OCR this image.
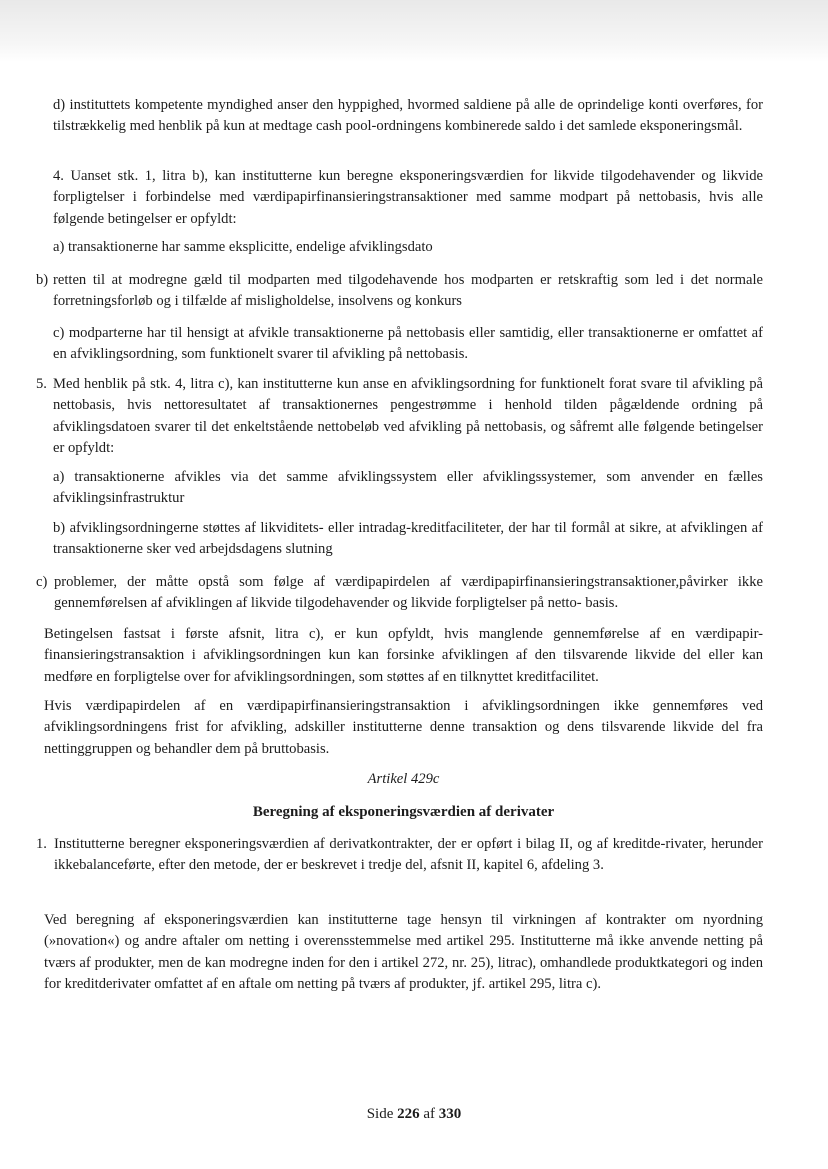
d) instituttets kompetente myndighed anser den hyppighed, hvormed saldiene på alle de oprindelige konti overføres, for tilstrækkelig med henblik på kun at medtage cash pool-ordningens kombinerede saldo i det samlede eksponeringsmål.

4. Uanset stk. 1, litra b), kan institutterne kun beregne eksponeringsværdien for likvide tilgodehavender og likvide forpligtelser i forbindelse med værdipapirfinansieringstransaktioner med samme modpart på nettobasis, hvis alle følgende betingelser er opfyldt:

a) transaktionerne har samme eksplicitte, endelige afviklingsdato

b) retten til at modregne gæld til modparten med tilgodehavende hos modparten er retskraftig som led i det normale forretningsforløb og i tilfælde af misligholdelse, insolvens og konkurs

c) modparterne har til hensigt at afvikle transaktionerne på nettobasis eller samtidig, eller transaktionerne er omfattet af en afviklingsordning, som funktionelt svarer til afvikling på nettobasis.

5. Med henblik på stk. 4, litra c), kan institutterne kun anse en afviklingsordning for funktionelt forat svare til afvikling på nettobasis, hvis nettoresultatet af transaktionernes pengestrømme i henhold tilden pågældende ordning på afviklingsdatoen svarer til det enkeltstående nettobeløb ved afvikling på nettobasis, og såfremt alle følgende betingelser er opfyldt:

a) transaktionerne afvikles via det samme afviklingssystem eller afviklingssystemer, som anvender en fælles afviklingsinfrastruktur

b) afviklingsordningerne støttes af likviditets- eller intradag-kreditfaciliteter, der har til formål at sikre, at afviklingen af transaktionerne sker ved arbejdsdagens slutning

c) problemer, der måtte opstå som følge af værdipapirdelen af værdipapirfinansieringstransaktioner,påvirker ikke gennemførelsen af afviklingen af likvide tilgodehavender og likvide forpligtelser på netto- basis.

Betingelsen fastsat i første afsnit, litra c), er kun opfyldt, hvis manglende gennemførelse af en værdipapir-finansieringstransaktion i afviklingsordningen kun kan forsinke afviklingen af den tilsvarende likvide del eller kan medføre en forpligtelse over for afviklingsordningen, som støttes af en tilknyttet kreditfacilitet.

Hvis værdipapirdelen af en værdipapirfinansieringstransaktion i afviklingsordningen ikke gennemføres ved afviklingsordningens frist for afvikling, adskiller institutterne denne transaktion og dens tilsvarende likvide del fra nettinggruppen og behandler dem på bruttobasis.

Artikel 429c

Beregning af eksponeringsværdien af derivater

1. Institutterne beregner eksponeringsværdien af derivatkontrakter, der er opført i bilag II, og af kreditde-rivater, herunder ikkebalanceførte, efter den metode, der er beskrevet i tredje del, afsnit II, kapitel 6, afdeling 3.

Ved beregning af eksponeringsværdien kan institutterne tage hensyn til virkningen af kontrakter om nyordning (»novation«) og andre aftaler om netting i overensstemmelse med artikel 295. Institutterne må ikke anvende netting på tværs af produkter, men de kan modregne inden for den i artikel 272, nr. 25), litrac), omhandlede produktkategori og inden for kreditderivater omfattet af en aftale om netting på tværs af produkter, jf. artikel 295, litra c).

Side 226 af 330
